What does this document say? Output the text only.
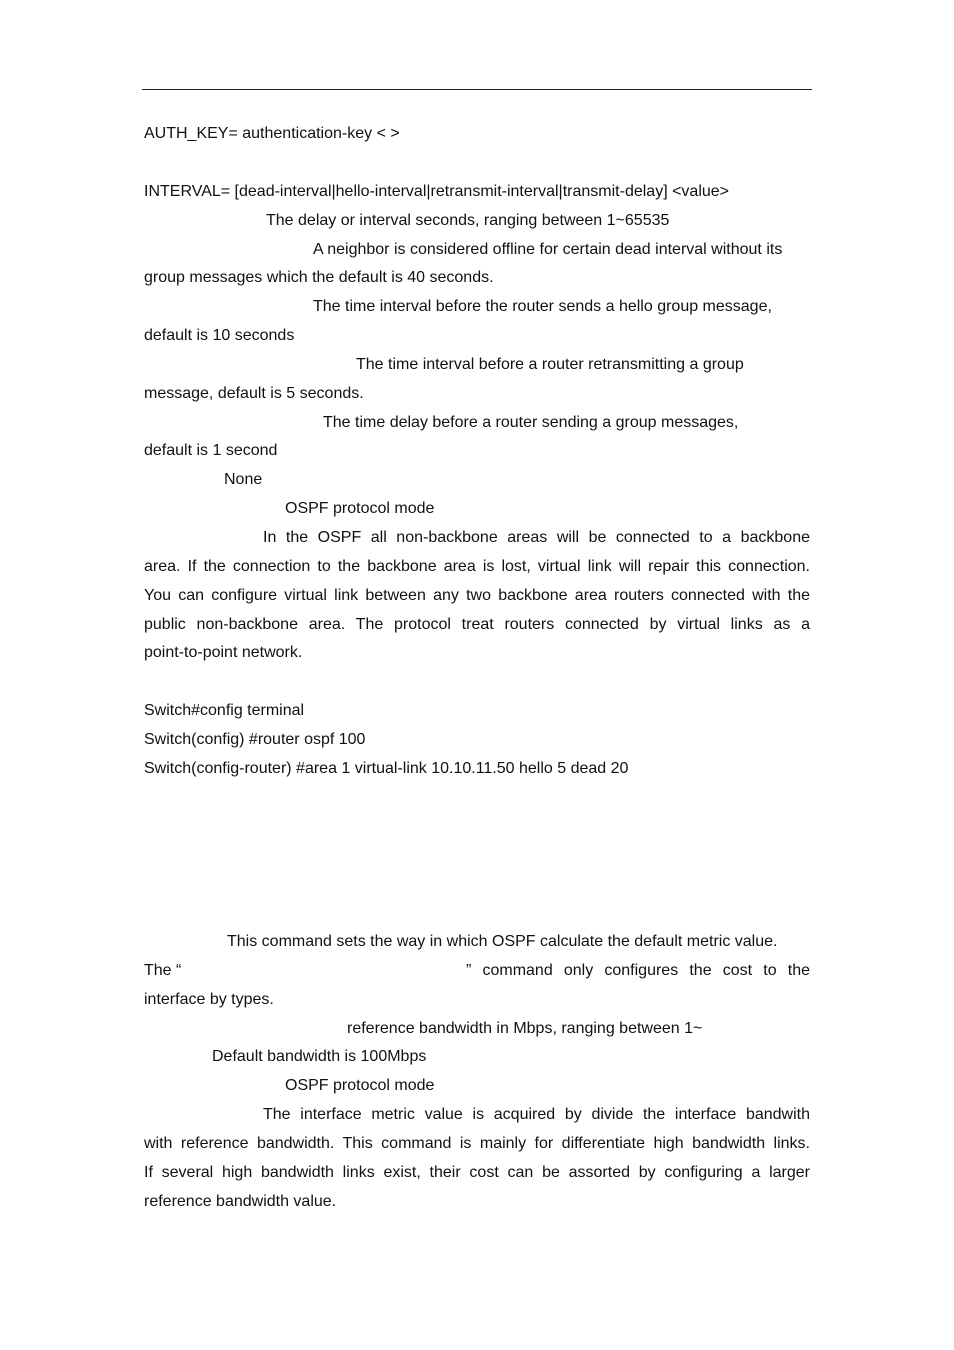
AUTH_KEY= authentication-key < >
INTERVAL= [dead-interval|hello-interval|retransmit-interval|transmit-delay] <value>
The delay or interval seconds, ranging between 1~65535
A neighbor is considered offline for certain dead interval without its
group messages which the default is 40 seconds.
The time interval before the router sends a hello group message,
default is 10 seconds
The time interval before a router retransmitting a group
message, default is 5 seconds.
The time delay before a router sending a group messages,
default is 1 second
None
OSPF protocol mode
In the OSPF all non-backbone areas will be connected to a backbone
area. If the connection to the backbone area is lost, virtual link will repair this connection.
You can configure virtual link between any two backbone area routers connected with the
public non-backbone area. The protocol treat routers connected by virtual links as a
point-to-point network.
Switch#config terminal
Switch(config) #router ospf 100
Switch(config-router) #area 1 virtual-link 10.10.11.50 hello 5 dead 20
This command sets the way in which OSPF calculate the default metric value.
The “	” command only configures the cost to the
interface by types.
reference bandwidth in Mbps, ranging between 1~
Default bandwidth is 100Mbps
OSPF protocol mode
The interface metric value is acquired by divide the interface bandwith
with reference bandwidth. This command is mainly for differentiate high bandwidth links.
If several high bandwidth links exist, their cost can be assorted by configuring a larger
reference bandwidth value.
